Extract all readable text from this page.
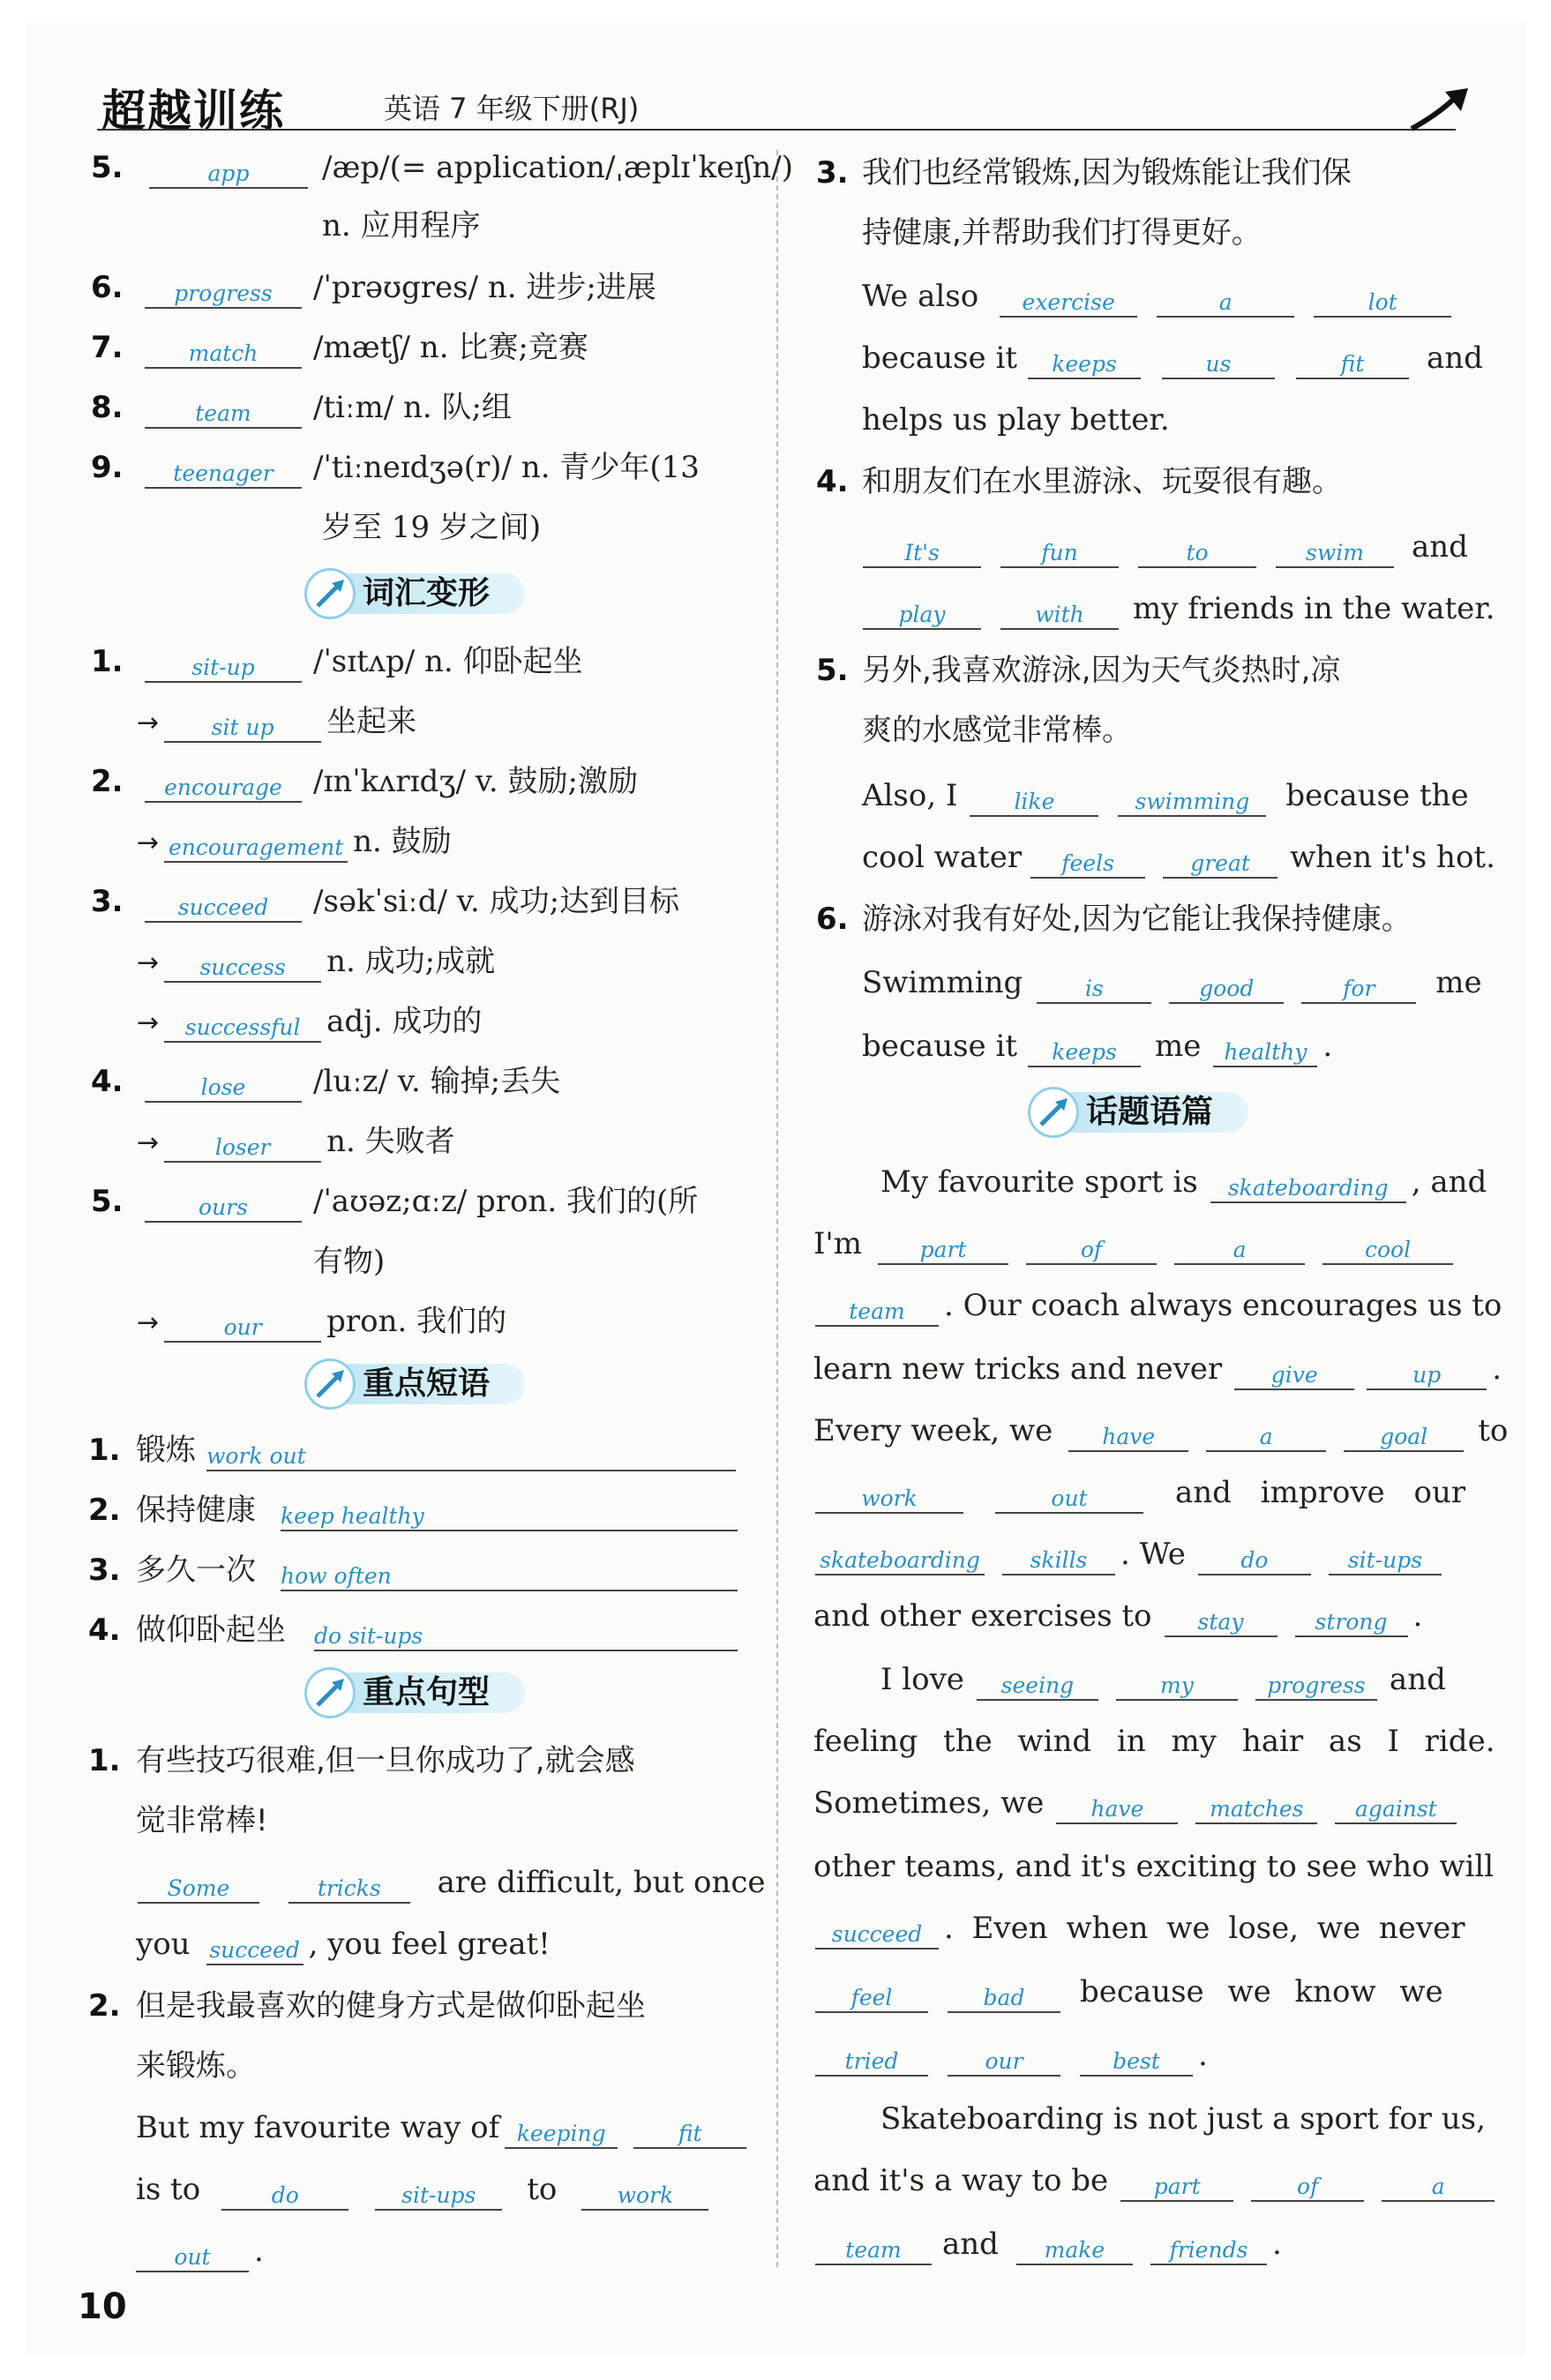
超越训练	英语 7 年级下册(RJ)
5.	app	/æp/(= application/ˌæplɪˈkeɪʃn/)
n. 应用程序
6.	progress	/ˈprəʊgres/ n. 进步;进展
7.	match	/mætʃ/ n. 比赛;竞赛
8.	team	/tiːm/ n. 队;组
9.	teenager	/ˈtiːneɪdʒə(r)/ n. 青少年(13
岁至 19 岁之间)
词汇变形
1.	sit-up	/ˈsɪtʌp/ n. 仰卧起坐
→ sit up 坐起来
2.	encourage	/ɪnˈkʌrɪdʒ/ v. 鼓励;激励
→ encouragement n. 鼓励
3.	succeed	/səkˈsiːd/ v. 成功;达到目标
→ success n. 成功;成就
→ successful adj. 成功的
4.	lose	/luːz/ v. 输掉;丢失
→	loser n. 失败者
5.	ours	/ˈaʊəz;ɑːz/ pron. 我们的(所
有物)
→	our pron. 我们的
重点短语
1. 锻炼 work out
2. 保持健康 keep healthy
3. 多久一次 how often
4. 做仰卧起坐 do sit-ups
重点句型
1. 有些技巧很难,但一旦你成功了,就会感
觉非常棒!
Some	tricks are difficult, but once
you succeed , you feel great!
2. 但是我最喜欢的健身方式是做仰卧起坐
来锻炼。
But my favourite way of keeping	fit
is to	do	sit-ups to	work
out .
3. 我们也经常锻炼,因为锻炼能让我们保
持健康,并帮助我们打得更好。
We also exercise	a	lot
because it keeps	us	fit and
helps us play better.
4. 和朋友们在水里游泳、玩耍很有趣。
It's	fun	to	swim and
play	with my friends in the water.
5. 另外,我喜欢游泳,因为天气炎热时,凉
爽的水感觉非常棒。
Also, I	like	swimming because the
cool water feels	great when it's hot.
6. 游泳对我有好处,因为它能让我保持健康。
Swimming	is	good	for me
because it keeps me healthy .
话题语篇
My favourite sport is skateboarding , and
I'm	part	of	a	cool
team . Our coach always encourages us to
learn new tricks and never give	up .
Every week, we have	a	goal to
work	out	and improve our
skateboarding skills . We do	sit-ups
and other exercises to stay	strong .
I love seeing	my	progress and
feeling the wind in my hair as I ride.
Sometimes, we have	matches against
other teams, and it's exciting to see who will
succeed . Even when we lose, we never
feel	bad because we know we
tried	our	best .
Skateboarding is not just a sport for us,
and it's a way to be part	of	a
team and make	friends .
10
